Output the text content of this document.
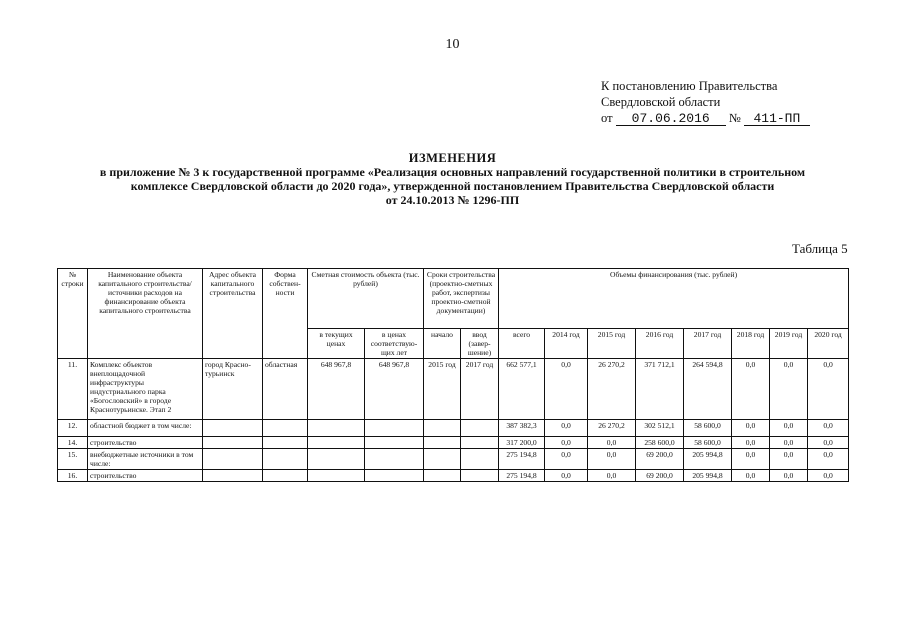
10
К постановлению Правительства
Свердловской области
от 07.06.2016 № 411-ПП
ИЗМЕНЕНИЯ
в приложение № 3 к государственной программе «Реализация основных направлений государственной политики в строительном
комплексе Свердловской области до 2020 года», утвержденной постановлением Правительства Свердловской области
от 24.10.2013 № 1296-ПП
Таблица 5
№ строки	Наименование объекта капитального строительства/ источники расходов на финансирование объекта капитального строительства	Адрес объекта капитального строительства	Форма собствен- ности	Сметная стоимость объекта (тыс. рублей)		Сроки строительства (проектно-сметных работ, экспертизы проектно-сметной документации)		Объемы финансирования (тыс. рублей)							
				в текущих ценах	в ценах соответствую- щих лет	начало	ввод (завер- шение)	всего	2014 год	2015 год	2016 год	2017 год	2018 год	2019 год	2020 год
11.	Комплекс объектов внеплощадочной инфраструктуры индустриального парка «Богословский» в городе Краснотурьинске. Этап 2	город Красно- турьинск	областная	648 967,8	648 967,8	2015 год	2017 год	662 577,1	0,0	26 270,2	371 712,1	264 594,8	0,0	0,0	0,0
12.	областной бюджет в том числе:							387 382,3	0,0	26 270,2	302 512,1	58 600,0	0,0	0,0	0,0
14.	строительство							317 200,0	0,0	0,0	258 600,0	58 600,0	0,0	0,0	0,0
15.	внебюджетные источники в том числе:							275 194,8	0,0	0,0	69 200,0	205 994,8	0,0	0,0	0,0
16.	строительство							275 194,8	0,0	0,0	69 200,0	205 994,8	0,0	0,0	0,0
